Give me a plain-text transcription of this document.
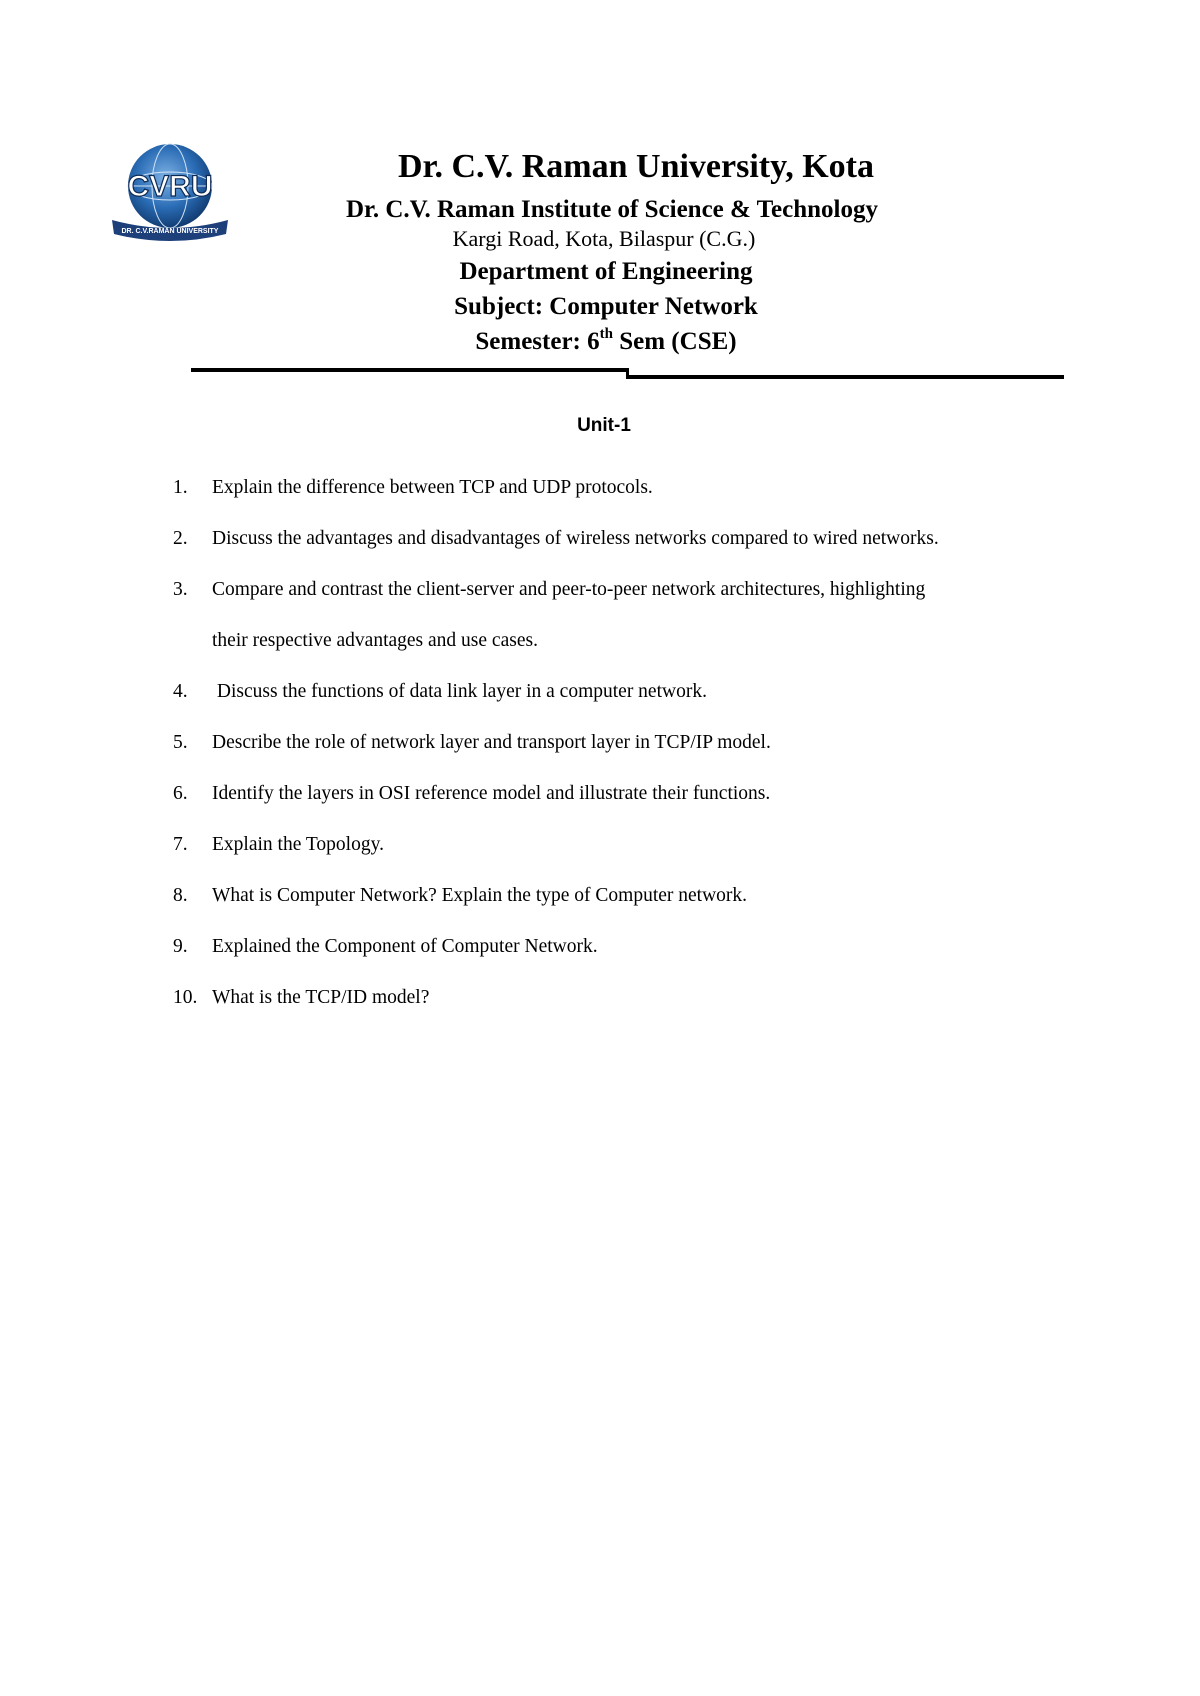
CVRU
DR. C.V.RAMAN UNIVERSITY
Dr. C.V. Raman University, Kota
Dr. C.V. Raman Institute of Science & Technology
Kargi Road, Kota, Bilaspur (C.G.)
Department of Engineering
Subject: Computer Network
Semester: 6th Sem (CSE)
Unit-1
1. Explain the difference between TCP and UDP protocols.
2. Discuss the advantages and disadvantages of wireless networks compared to wired networks.
3. Compare and contrast the client-server and peer-to-peer network architectures, highlighting
their respective advantages and use cases.
4. Discuss the functions of data link layer in a computer network.
5. Describe the role of network layer and transport layer in TCP/IP model.
6. Identify the layers in OSI reference model and illustrate their functions.
7. Explain the Topology.
8. What is Computer Network? Explain the type of Computer network.
9. Explained the Component of Computer Network.
10. What is the TCP/ID model?
